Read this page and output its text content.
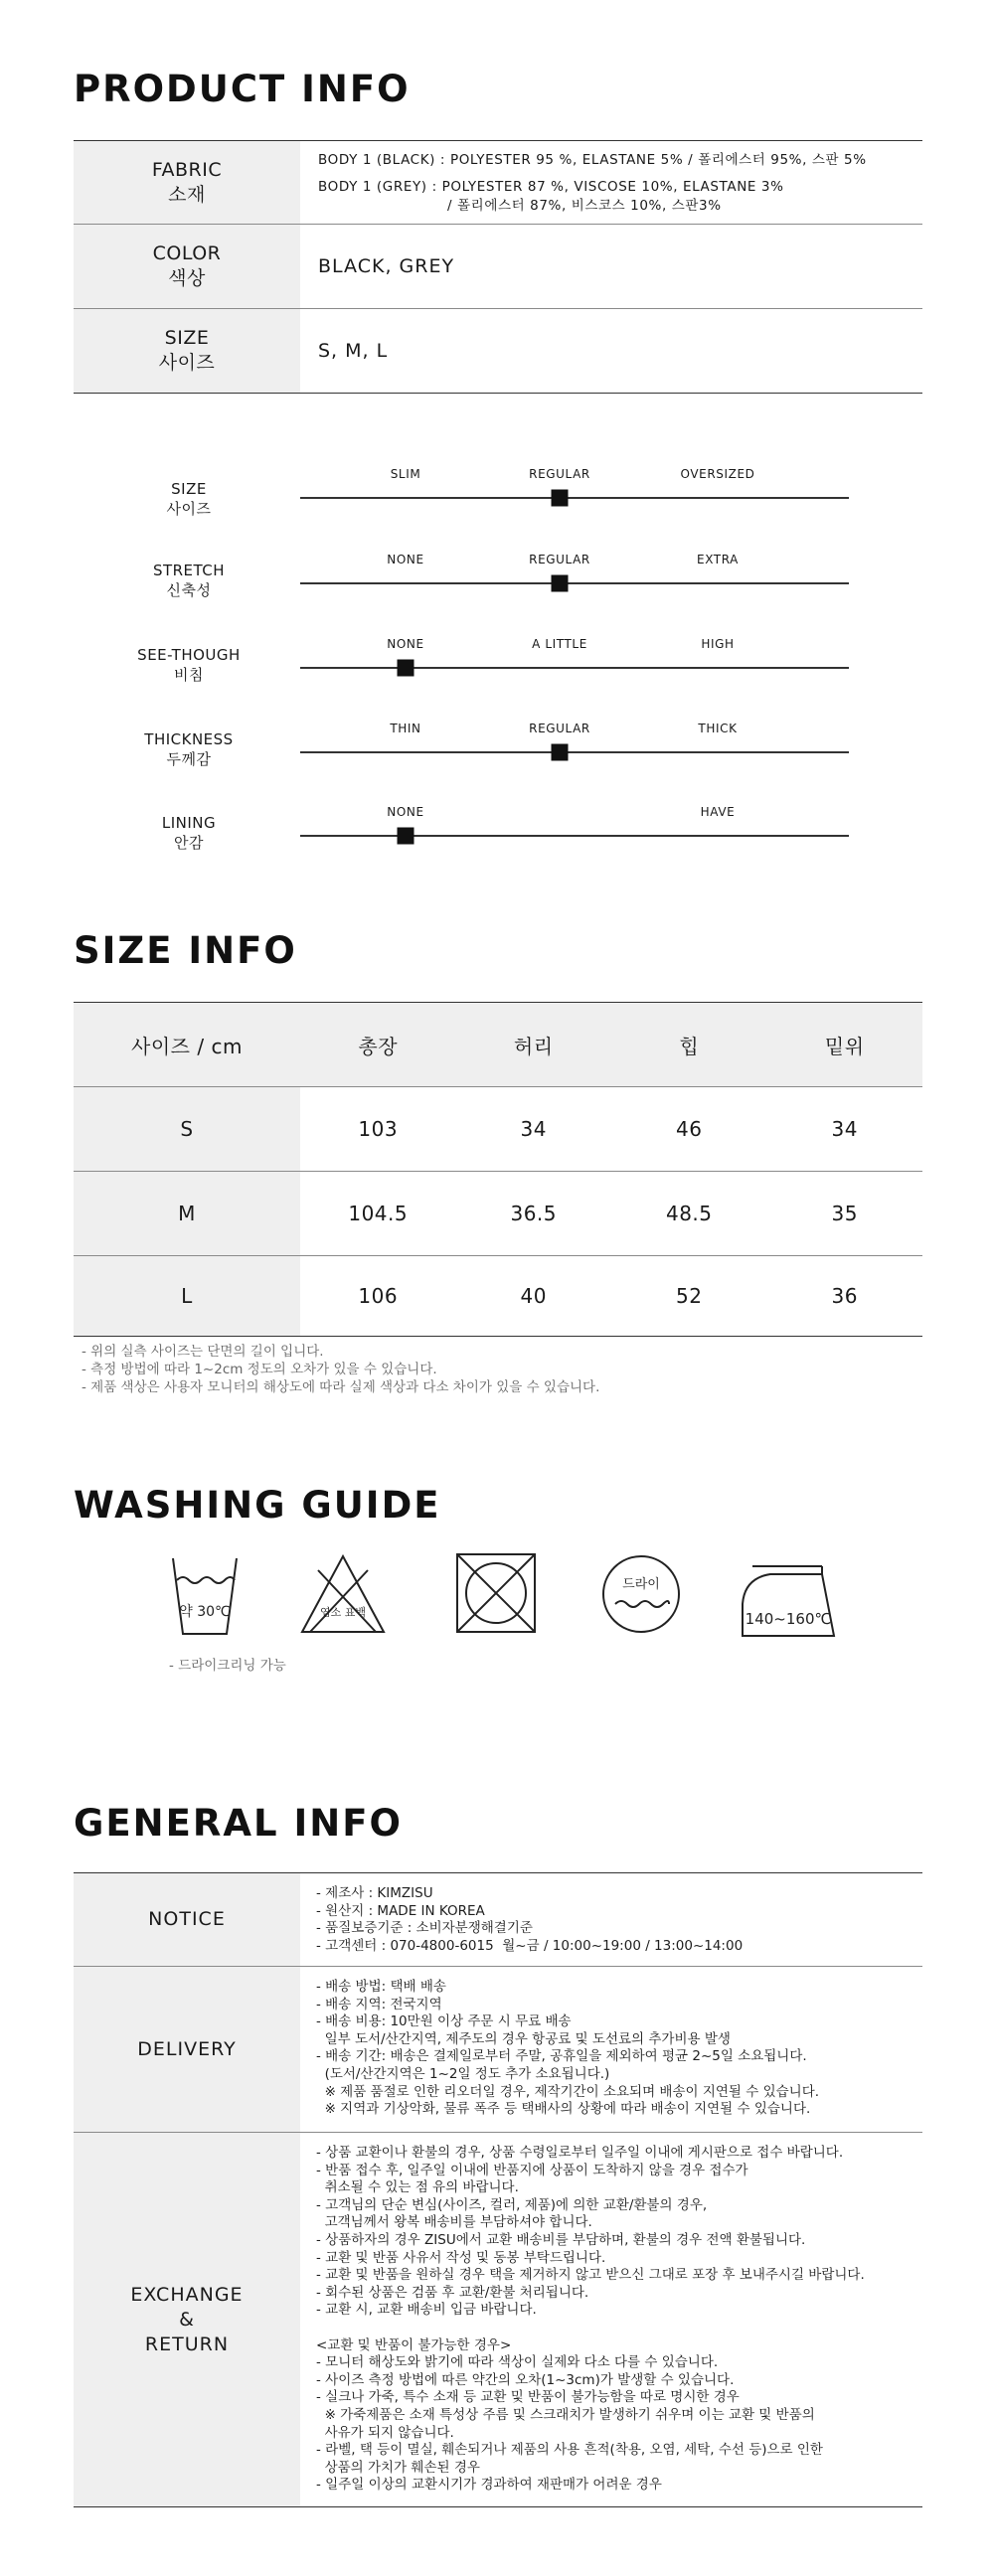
PRODUCT INFO
FABRIC
소재
BODY 1 (BLACK) : POLYESTER 95 %, ELASTANE 5% / 폴리에스터 95%, 스판 5%
BODY 1 (GREY) : POLYESTER 87 %, VISCOSE 10%, ELASTANE 3%
/ 폴리에스터 87%, 비스코스 10%, 스판3%
COLOR
색상
BLACK, GREY
SIZE
사이즈
S, M, L
SIZE
사이즈
SLIM	REGULAR	OVERSIZED
STRETCH
신축성
NONE	REGULAR	EXTRA
SEE-THOUGH
비침
NONE	A LITTLE	HIGH
THICKNESS
두께감
THIN	REGULAR	THICK
LINING
안감
NONE	HAVE
SIZE INFO
사이즈 / cm	총장	허리	힙	밑위
S	103	34	46	34
M	104.5	36.5	48.5	35
L	106	40	52	36
- 위의 실측 사이즈는 단면의 길이 입니다.
- 측정 방법에 따라 1~2cm 정도의 오차가 있을 수 있습니다.
- 제품 색상은 사용자 모니터의 해상도에 따라 실제 색상과 다소 차이가 있을 수 있습니다.
WASHING GUIDE
약 30℃	염소 표백
드라이
140~160℃
- 드라이크리닝 가능
GENERAL INFO
NOTICE
- 제조사 : KIMZISU
- 원산지 : MADE IN KOREA
- 품질보증기준 : 소비자분쟁해결기준
- 고객센터 : 070-4800-6015  월~금 / 10:00~19:00 / 13:00~14:00
DELIVERY
- 배송 방법: 택배 배송
- 배송 지역: 전국지역
- 배송 비용: 10만원 이상 주문 시 무료 배송
일부 도서/산간지역, 제주도의 경우 항공료 및 도선료의 추가비용 발생
- 배송 기간: 배송은 결제일로부터 주말, 공휴일을 제외하여 평균 2~5일 소요됩니다.
(도서/산간지역은 1~2일 정도 추가 소요됩니다.)
※ 제품 품절로 인한 리오더일 경우, 제작기간이 소요되며 배송이 지연될 수 있습니다.
※ 지역과 기상악화, 물류 폭주 등 택배사의 상황에 따라 배송이 지연될 수 있습니다.
EXCHANGE
&
RETURN
- 상품 교환이나 환불의 경우, 상품 수령일로부터 일주일 이내에 게시판으로 접수 바랍니다.
- 반품 접수 후, 일주일 이내에 반품지에 상품이 도착하지 않을 경우 접수가
취소될 수 있는 점 유의 바랍니다.
- 고객님의 단순 변심(사이즈, 컬러, 제품)에 의한 교환/환불의 경우,
고객님께서 왕복 배송비를 부담하셔야 합니다.
- 상품하자의 경우 ZISU에서 교환 배송비를 부담하며, 환불의 경우 전액 환불됩니다.
- 교환 및 반품 사유서 작성 및 동봉 부탁드립니다.
- 교환 및 반품을 원하실 경우 택을 제거하지 않고 받으신 그대로 포장 후 보내주시길 바랍니다.
- 회수된 상품은 검품 후 교환/환불 처리됩니다.
- 교환 시, 교환 배송비 입금 바랍니다.

<교환 및 반품이 불가능한 경우>
- 모니터 해상도와 밝기에 따라 색상이 실제와 다소 다를 수 있습니다.
- 사이즈 측정 방법에 따른 약간의 오차(1~3cm)가 발생할 수 있습니다.
- 실크나 가죽, 특수 소재 등 교환 및 반품이 불가능함을 따로 명시한 경우
※ 가죽제품은 소재 특성상 주름 및 스크래치가 발생하기 쉬우며 이는 교환 및 반품의
사유가 되지 않습니다.
- 라벨, 택 등이 멸실, 훼손되거나 제품의 사용 흔적(착용, 오염, 세탁, 수선 등)으로 인한
상품의 가치가 훼손된 경우
- 일주일 이상의 교환시기가 경과하여 재판매가 어려운 경우
